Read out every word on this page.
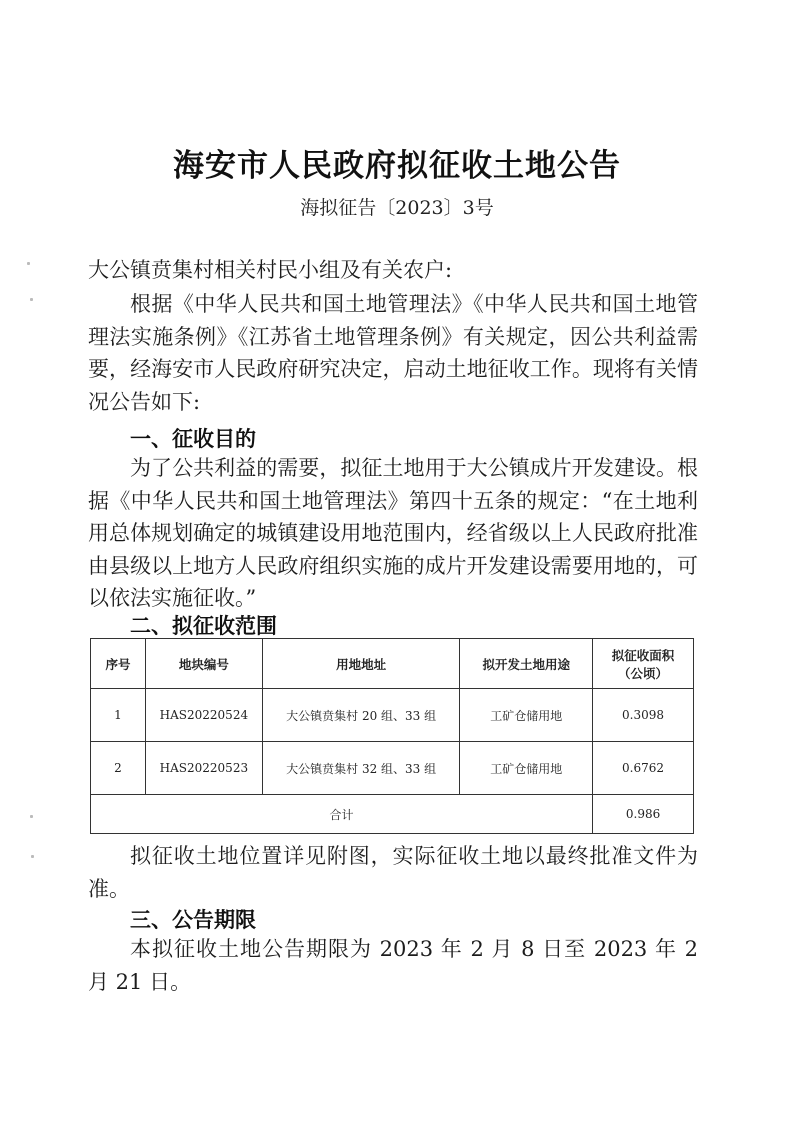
海安市人民政府拟征收土地公告
海拟征告〔2023〕3号
大公镇贲集村相关村民小组及有关农户:
根据《中华人民共和国土地管理法》《中华人民共和国土地管理法实施条例》《江苏省土地管理条例》有关规定，因公共利益需要，经海安市人民政府研究决定，启动土地征收工作。现将有关情况公告如下:
一、征收目的
为了公共利益的需要，拟征土地用于大公镇成片开发建设。根据《中华人民共和国土地管理法》第四十五条的规定：“在土地利用总体规划确定的城镇建设用地范围内，经省级以上人民政府批准由县级以上地方人民政府组织实施的成片开发建设需要用地的，可以依法实施征收。”
二、拟征收范围
序号	地块编号	用地地址	拟开发土地用途	拟征收面积
（公顷）

1	HAS20220524	大公镇贲集村 20 组、33 组	工矿仓储用地	0.3098
2	HAS20220523	大公镇贲集村 32 组、33 组	工矿仓储用地	0.6762
合计				0.986
拟征收土地位置详见附图，实际征收土地以最终批准文件为准。
三、公告期限
本拟征收土地公告期限为 2023 年 2 月 8 日至 2023 年 2 月 21 日。
